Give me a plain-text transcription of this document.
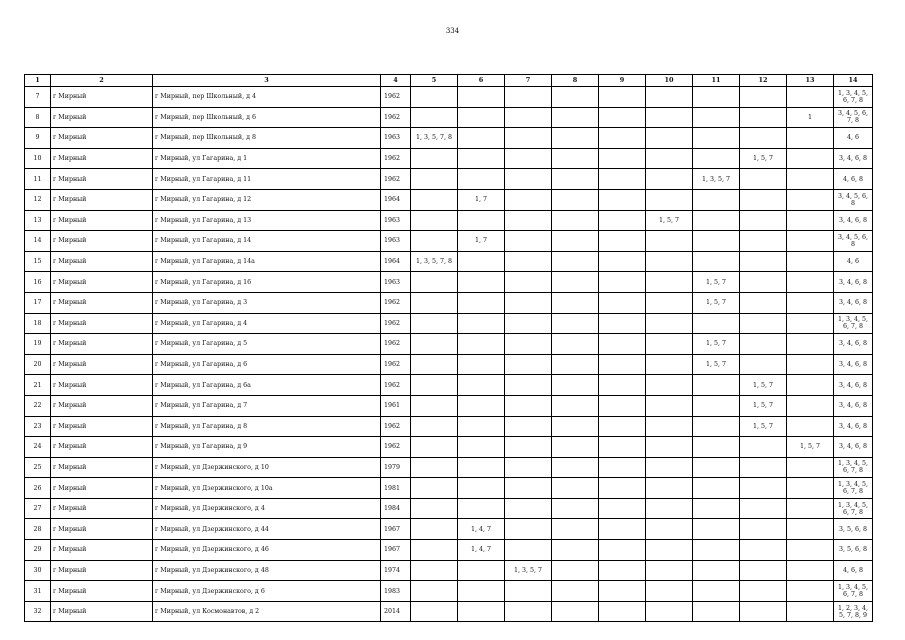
334
1	2	3	4	5	6	7	8	9	10	11	12	13	14
7	г Мирный	г Мирный, пер Школьный, д 4	1962										1, 3, 4, 5, 6, 7, 8
8	г Мирный	г Мирный, пер Школьный, д 6	1962									1	3, 4, 5, 6, 7, 8
9	г Мирный	г Мирный, пер Школьный, д 8	1963	1, 3, 5, 7, 8									4, 6
10	г Мирный	г Мирный, ул Гагарина, д 1	1962								1, 5, 7		3, 4, 6, 8
11	г Мирный	г Мирный, ул Гагарина, д 11	1962							1, 3, 5, 7			4, 6, 8
12	г Мирный	г Мирный, ул Гагарина, д 12	1964		1, 7								3, 4, 5, 6, 8
13	г Мирный	г Мирный, ул Гагарина, д 13	1963						1, 5, 7				3, 4, 6, 8
14	г Мирный	г Мирный, ул Гагарина, д 14	1963		1, 7								3, 4, 5, 6, 8
15	г Мирный	г Мирный, ул Гагарина, д 14а	1964	1, 3, 5, 7, 8									4, 6
16	г Мирный	г Мирный, ул Гагарина, д 16	1963							1, 5, 7			3, 4, 6, 8
17	г Мирный	г Мирный, ул Гагарина, д 3	1962							1, 5, 7			3, 4, 6, 8
18	г Мирный	г Мирный, ул Гагарина, д 4	1962										1, 3, 4, 5, 6, 7, 8
19	г Мирный	г Мирный, ул Гагарина, д 5	1962							1, 5, 7			3, 4, 6, 8
20	г Мирный	г Мирный, ул Гагарина, д 6	1962							1, 5, 7			3, 4, 6, 8
21	г Мирный	г Мирный, ул Гагарина, д 6а	1962								1, 5, 7		3, 4, 6, 8
22	г Мирный	г Мирный, ул Гагарина, д 7	1961								1, 5, 7		3, 4, 6, 8
23	г Мирный	г Мирный, ул Гагарина, д 8	1962								1, 5, 7		3, 4, 6, 8
24	г Мирный	г Мирный, ул Гагарина, д 9	1962									1, 5, 7	3, 4, 6, 8
25	г Мирный	г Мирный, ул Дзержинского, д 10	1979										1, 3, 4, 5, 6, 7, 8
26	г Мирный	г Мирный, ул Дзержинского, д 10а	1981										1, 3, 4, 5, 6, 7, 8
27	г Мирный	г Мирный, ул Дзержинского, д 4	1984										1, 3, 4, 5, 6, 7, 8
28	г Мирный	г Мирный, ул Дзержинского, д 44	1967		1, 4, 7								3, 5, 6, 8
29	г Мирный	г Мирный, ул Дзержинского, д 46	1967		1, 4, 7								3, 5, 6, 8
30	г Мирный	г Мирный, ул Дзержинского, д 48	1974			1, 3, 5, 7							4, 6, 8
31	г Мирный	г Мирный, ул Дзержинского, д 6	1983										1, 3, 4, 5, 6, 7, 8
32	г Мирный	г Мирный, ул Космонавтов, д 2	2014										1, 2, 3, 4, 5, 7, 8, 9
